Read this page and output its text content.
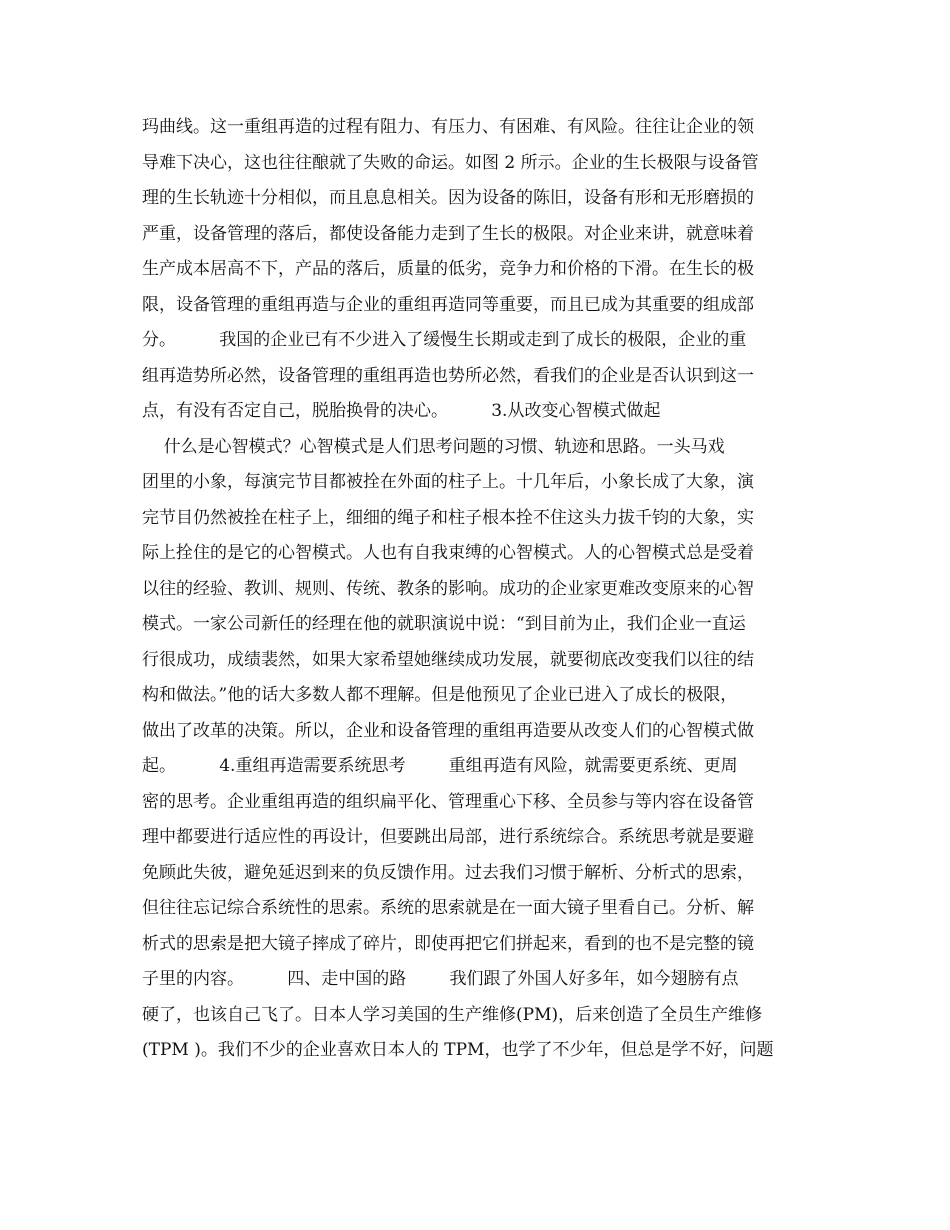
玛曲线。这一重组再造的过程有阻力、有压力、有困难、有风险。往往让企业的领
导难下决心，这也往往酿就了失败的命运。如图 2 所示。企业的生长极限与设备管
理的生长轨迹十分相似，而且息息相关。因为设备的陈旧，设备有形和无形磨损的
严重，设备管理的落后，都使设备能力走到了生长的极限。对企业来讲，就意味着
生产成本居高不下，产品的落后，质量的低劣，竞争力和价格的下滑。在生长的极
限，设备管理的重组再造与企业的重组再造同等重要，而且已成为其重要的组成部
分。        我国的企业已有不少进入了缓慢生长期或走到了成长的极限，企业的重
组再造势所必然，设备管理的重组再造也势所必然，看我们的企业是否认识到这一
点，有没有否定自己，脱胎换骨的决心。        3.从改变心智模式做起
什么是心智模式？心智模式是人们思考问题的习惯、轨迹和思路。一头马戏
团里的小象，每演完节目都被拴在外面的柱子上。十几年后，小象长成了大象，演
完节目仍然被拴在柱子上，细细的绳子和柱子根本拴不住这头力拔千钧的大象，实
际上拴住的是它的心智模式。人也有自我束缚的心智模式。人的心智模式总是受着
以往的经验、教训、规则、传统、教条的影响。成功的企业家更难改变原来的心智
模式。一家公司新任的经理在他的就职演说中说：“到目前为止，我们企业一直运
行很成功，成绩裴然，如果大家希望她继续成功发展，就要彻底改变我们以往的结
构和做法。”他的话大多数人都不理解。但是他预见了企业已进入了成长的极限，
做出了改革的决策。所以，企业和设备管理的重组再造要从改变人们的心智模式做
起。        4.重组再造需要系统思考        重组再造有风险，就需要更系统、更周
密的思考。企业重组再造的组织扁平化、管理重心下移、全员参与等内容在设备管
理中都要进行适应性的再设计，但要跳出局部，进行系统综合。系统思考就是要避
免顾此失彼，避免延迟到来的负反馈作用。过去我们习惯于解析、分析式的思索，
但往往忘记综合系统性的思索。系统的思索就是在一面大镜子里看自己。分析、解
析式的思索是把大镜子摔成了碎片，即使再把它们拼起来，看到的也不是完整的镜
子里的内容。        四、走中国的路        我们跟了外国人好多年，如今翅膀有点
硬了，也该自己飞了。日本人学习美国的生产维修(PM)，后来创造了全员生产维修
(TPM )。我们不少的企业喜欢日本人的 TPM，也学了不少年，但总是学不好，问题
